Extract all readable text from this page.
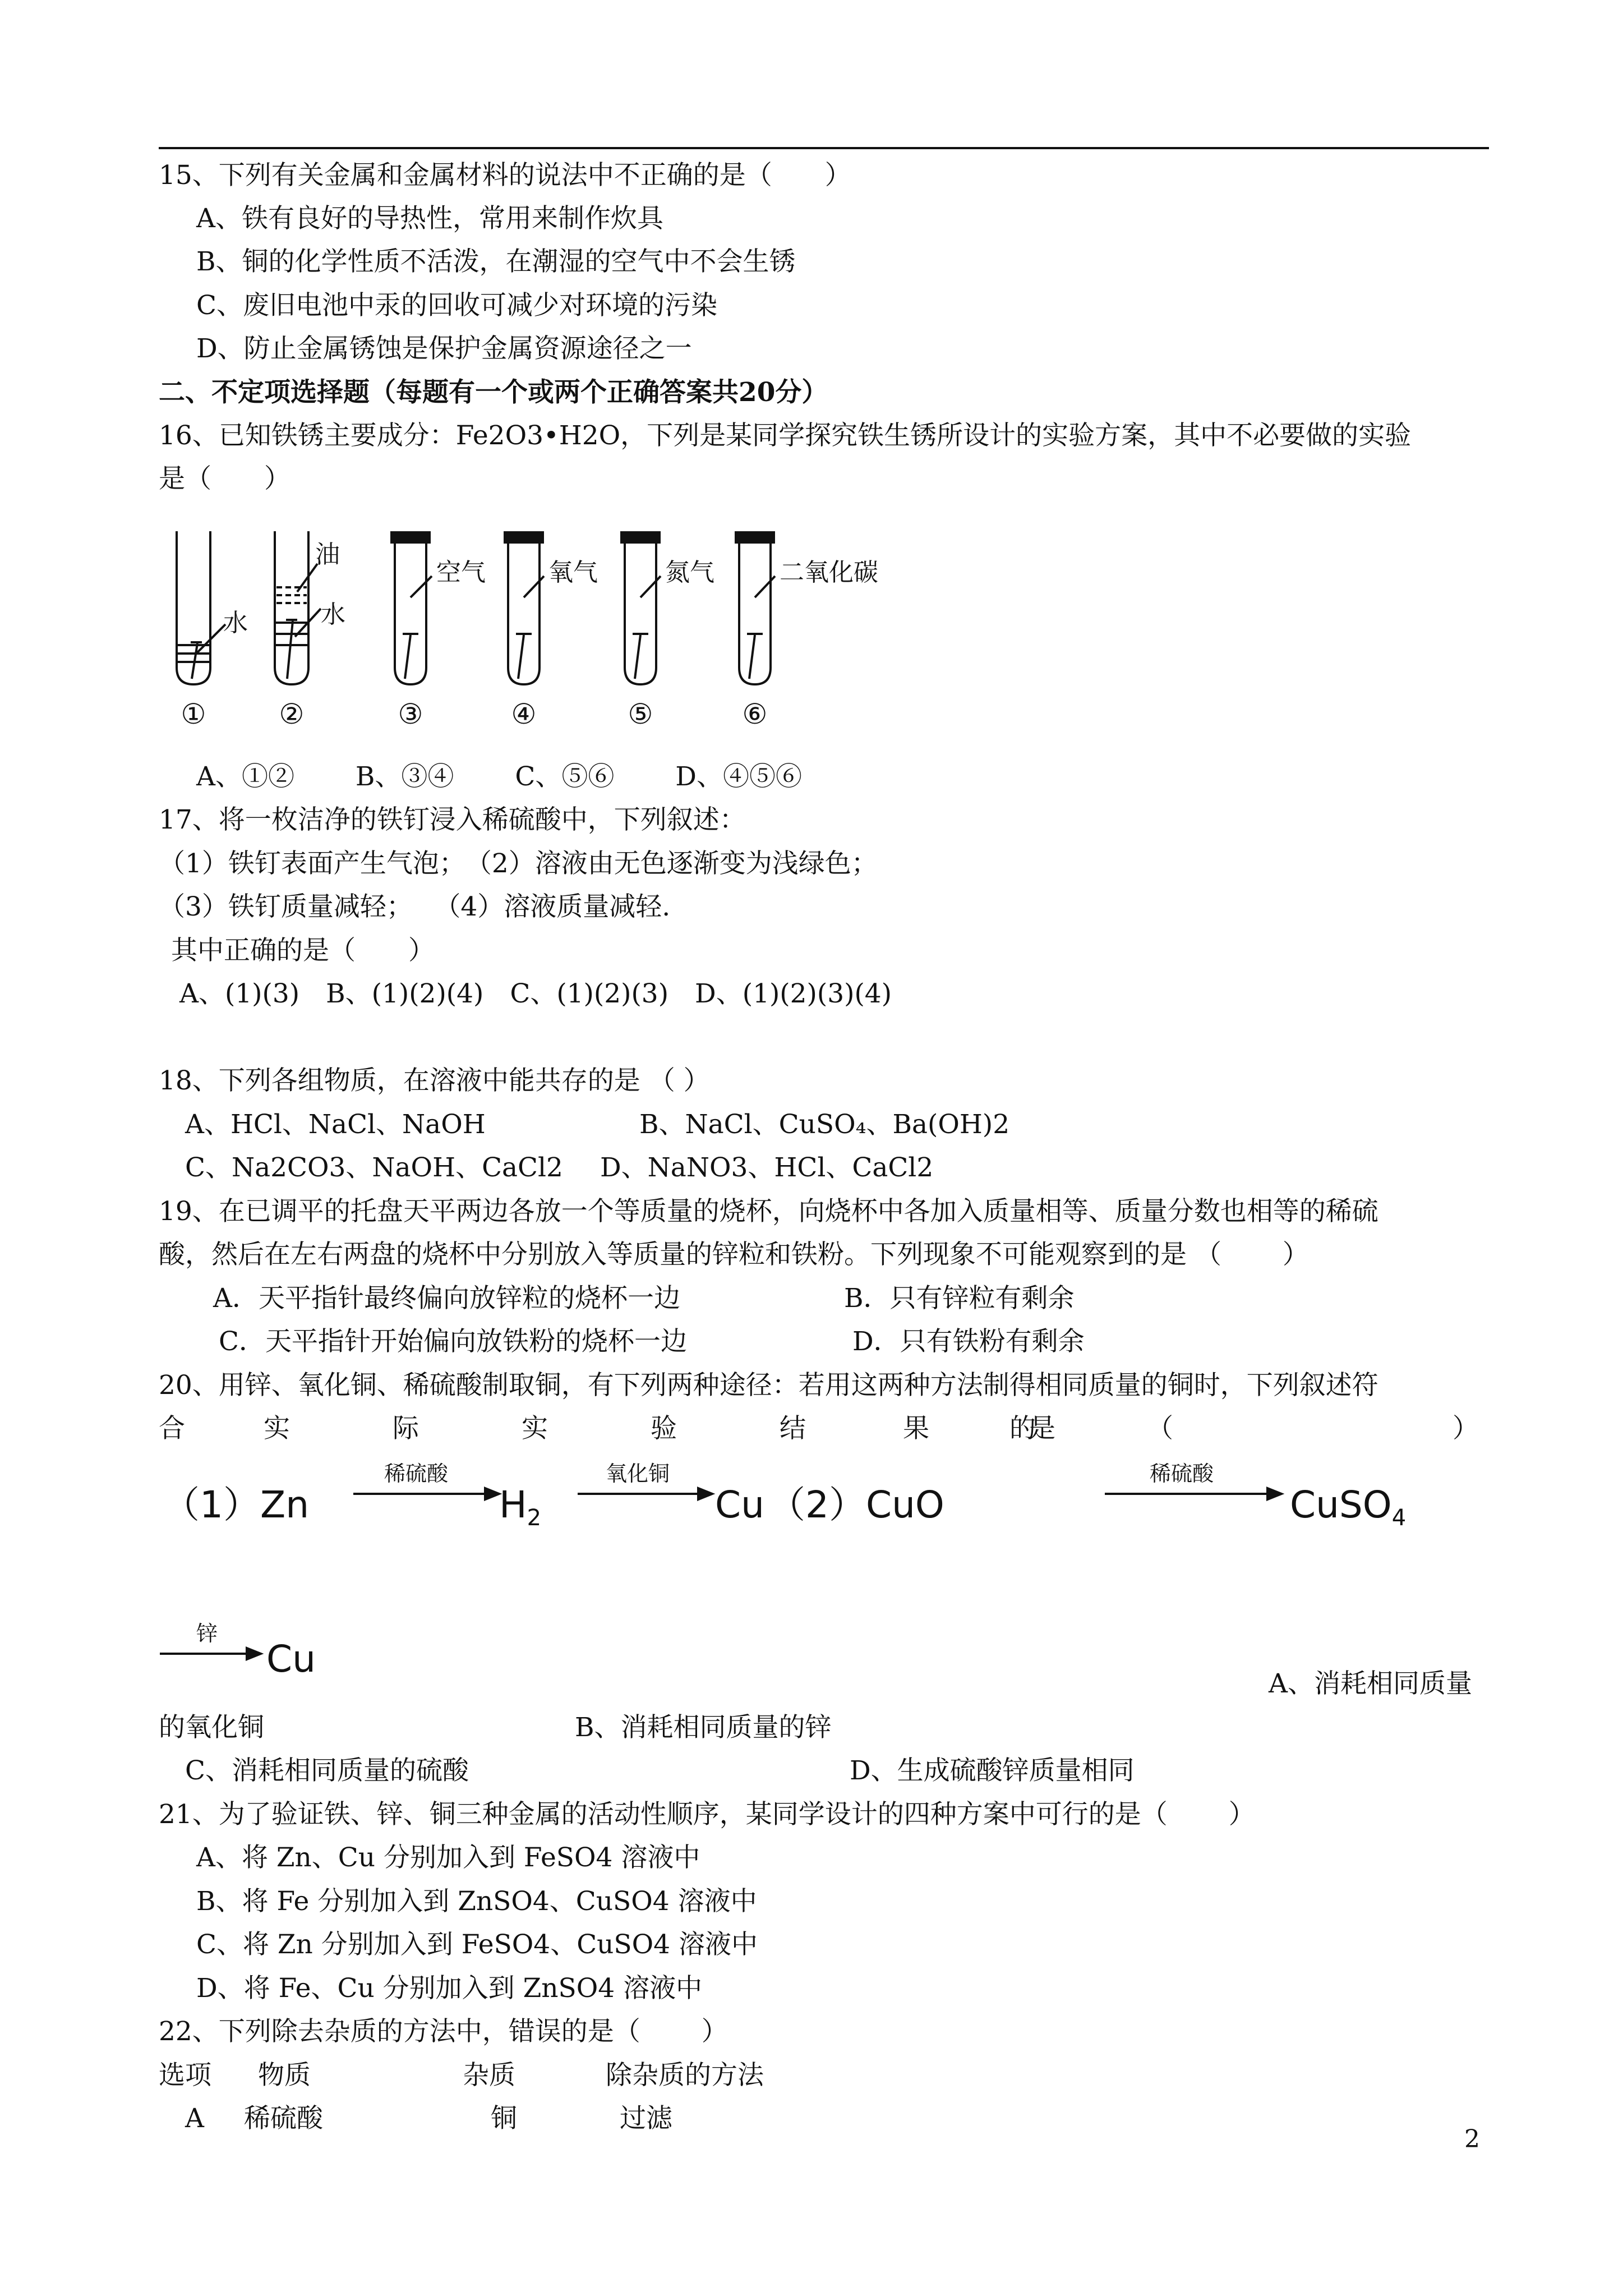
15、下列有关金属和金属材料的说法中不正确的是（　　）
A、铁有良好的导热性，常用来制作炊具
B、铜的化学性质不活泼，在潮湿的空气中不会生锈
C、废旧电池中汞的回收可减少对环境的污染
D、防止金属锈蚀是保护金属资源途径之一
二、不定项选择题（每题有一个或两个正确答案共20分）
16、已知铁锈主要成分：Fe2O3•H2O，下列是某同学探究铁生锈所设计的实验方案，其中不必要做的实验
是（　　）
水
油
水
空气	氧气	氮气	二氧化碳
①	②	③	④	⑤	⑥
A、①②　　 B、③④　　 C、⑤⑥　　 D、④⑤⑥
17、将一枚洁净的铁钉浸入稀硫酸中，下列叙述：
（1）铁钉表面产生气泡；　（2）溶液由无色逐渐变为浅绿色；
（3）铁钉质量减轻；　 （4）溶液质量减轻.
其中正确的是（　　）
A、(1)(3)　B、(1)(2)(4)　C、(1)(2)(3)　D、(1)(2)(3)(4)
18、下列各组物质，在溶液中能共存的是 （ ）
A、HCl、NaCl、NaOH	B、NaCl、CuSO₄、Ba(OH)2
C、Na2CO3、NaOH、CaCl2 D、NaNO3、HCl、CaCl2
19、在已调平的托盘天平两边各放一个等质量的烧杯，向烧杯中各加入质量相等、质量分数也相等的稀硫
酸，然后在左右两盘的烧杯中分别放入等质量的锌粒和铁粉。下列现象不可能观察到的是 （　　 ）
A．天平指针最终偏向放锌粒的烧杯一边	B．只有锌粒有剩余
C．天平指针开始偏向放铁粉的烧杯一边	D．只有铁粉有剩余
20、用锌、氧化铜、稀硫酸制取铜，有下列两种途径：若用这两种方法制得相同质量的铜时，下列叙述符
合	实	际	实	验	结	果	的
是	（	）
（1）Zn
稀硫酸
$H_2$
氧化铜
Cu （2）CuO
稀硫酸
CuSO$_4$
锌
Cu
A、消耗相同质量
的氧化铜	B、消耗相同质量的锌
C、消耗相同质量的硫酸	D、生成硫酸锌质量相同
21、为了验证铁、锌、铜三种金属的活动性顺序，某同学设计的四种方案中可行的是（　　 ）
A、将 Zn、Cu 分别加入到 FeSO4 溶液中
B、将 Fe 分别加入到 ZnSO4、CuSO4 溶液中
C、将 Zn 分别加入到 FeSO4、CuSO4 溶液中
D、将 Fe、Cu 分别加入到 ZnSO4 溶液中
22、下列除去杂质的方法中，错误的是（　　 ）
选项 物质	杂质	除杂质的方法
A 稀硫酸	铜	过滤
2
